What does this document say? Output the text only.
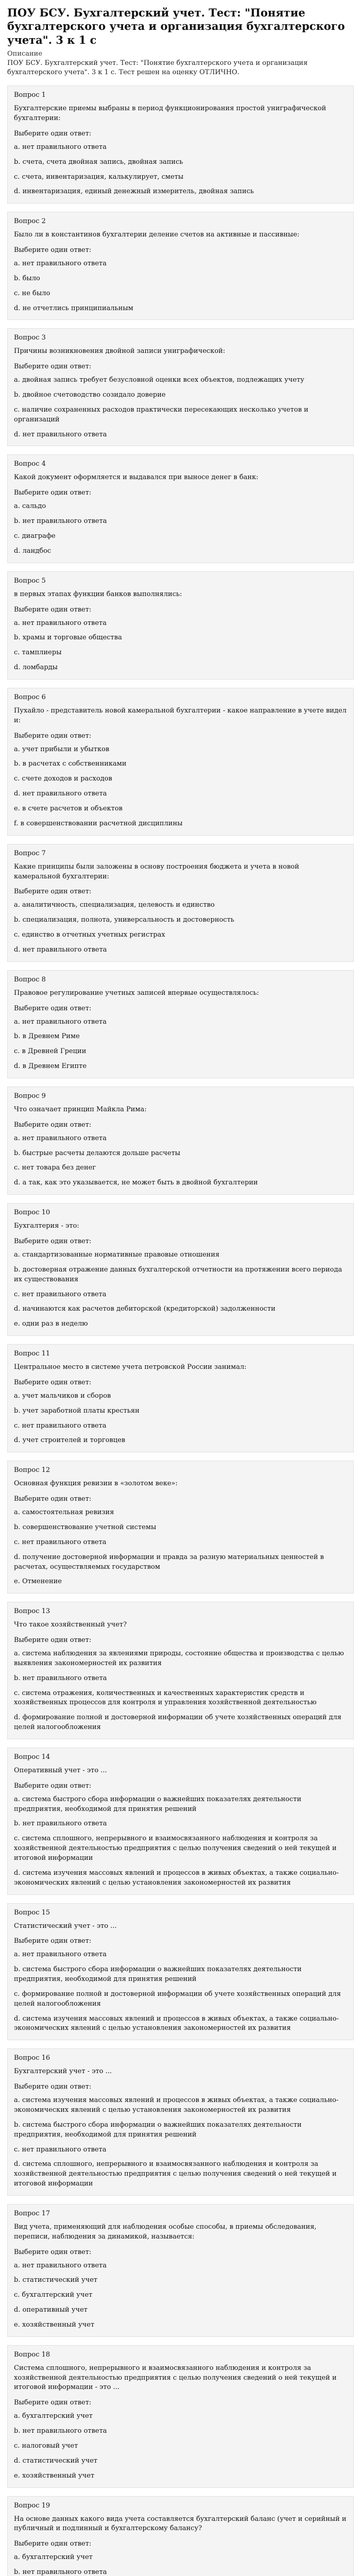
ПОУ БСУ. Бухгалтерский учет. Тест: "Понятие бухгалтерского учета и организация бухгалтерского учета". 3 к 1 с
Описание
ПОУ БСУ. Бухгалтерский учет. Тест: "Понятие бухгалтерского учета и организация бухгалтерского учета". 3 к 1 с. Тест решен на оценку ОТЛИЧНО.
Вопрос 1
Бухгалтерские приемы выбраны в период функционирования простой униграфической бухгалтерии:
Выберите один ответ:
a. нет правильного ответа
b. счета, счета двойная запись, двойная запись
c. счета, инвентаризация, калькулирует, сметы
d. инвентаризация, единый денежный измеритель, двойная запись
Вопрос 2
Было ли в константинов бухгалтерии деление счетов на активные и пассивные:
Выберите один ответ:
a. нет правильного ответа
b. было
c. не было
d. не отчетлись принципиальным
Вопрос 3
Причины возникновения двойной записи униграфической:
Выберите один ответ:
a. двойная запись требует безусловной оценки всех объектов, подлежащих учету
b. двойное счетоводство созидало доверие
c. наличие сохраненных расходов практически пересекающих несколько учетов и организаций
d. нет правильного ответа
Вопрос 4
Какой документ оформляется и выдавался при выносе денег в банк:
Выберите один ответ:
a. сальдо
b. нет правильного ответа
c. диаграфе
d. ландбос
Вопрос 5
в первых этапах функции банков выполнялись:
Выберите один ответ:
a. нет правильного ответа
b. храмы и торговые общества
c. тамплиеры
d. ломбарды
Вопрос 6
Пухайло - представитель новой камеральной бухгалтерии - какое направление в учете видел и:
Выберите один ответ:
a. учет прибыли и убытков
b. в расчетах с собственниками
c. счете доходов и расходов
d. нет правильного ответа
e. в счете расчетов и объектов
f. в совершенствовании расчетной дисциплины
Вопрос 7
Какие принципы были заложены в основу построения бюджета и учета в новой камеральной бухгалтерии:
Выберите один ответ:
a. аналитичность, специализация, целевость и единство
b. специализация, полнота, универсальность и достоверность
c. единство в отчетных учетных регистрах
d. нет правильного ответа
Вопрос 8
Правовое регулирование учетных записей впервые осуществлялось:
Выберите один ответ:
a. нет правильного ответа
b. в Древнем Риме
c. в Древней Греции
d. в Древнем Египте
Вопрос 9
Что означает принцип Майкла Рима:
Выберите один ответ:
a. нет правильного ответа
b. быстрые расчеты делаются дольше расчеты
c. нет товара без денег
d. а так, как это указывается, не может быть в двойной бухгалтерии
Вопрос 10
Бухгалтерия - это:
Выберите один ответ:
a. стандартизованные нормативные правовые отношения
b. достоверная отражение данных бухгалтерской отчетности на протяжении всего периода их существования
c. нет правильного ответа
d. начинаются как расчетов дебиторской (кредиторской) задолженности
e. одни раз в неделю
Вопрос 11
Центральное место в системе учета петровской России занимал:
Выберите один ответ:
a. учет мальчиков и сборов
b. учет заработной платы крестьян
c. нет правильного ответа
d. учет строителей и торговцев
Вопрос 12
Основная функция ревизии в «золотом веке»:
Выберите один ответ:
a. самостоятельная ревизия
b. совершенствование учетной системы
c. нет правильного ответа
d. получение достоверной информации и правда за разную материальных ценностей в расчетах, осуществляемых государством
e. Отменение
Вопрос 13
Что такое хозяйственный учет?
Выберите один ответ:
a. система наблюдения за явлениями природы, состояние общества и производства с целью выявления закономерностей их развития
b. нет правильного ответа
c. система отражения, количественных и качественных характеристик средств и хозяйственных процессов для контроля и управления хозяйственной деятельностью
d. формирование полной и достоверной информации об учете хозяйственных операций для целей налогообложения
Вопрос 14
Оперативный учет - это ...
Выберите один ответ:
a. система быстрого сбора информации о важнейших показателях деятельности предприятия, необходимой для принятия решений
b. нет правильного ответа
c. система сплошного, непрерывного и взаимосвязанного наблюдения и контроля за хозяйственной деятельностью предприятия с целью получения сведений о ней текущей и итоговой информации
d. система изучения массовых явлений и процессов в живых объектах, а также социально-экономических явлений с целью установления закономерностей их развития
Вопрос 15
Статистический учет - это ...
Выберите один ответ:
a. нет правильного ответа
b. система быстрого сбора информации о важнейших показателях деятельности предприятия, необходимой для принятия решений
c. формирование полной и достоверной информации об учете хозяйственных операций для целей налогообложения
d. система изучения массовых явлений и процессов в живых объектах, а также социально-экономических явлений с целью установления закономерностей их развития
Вопрос 16
Бухгалтерский учет - это ...
Выберите один ответ:
a. система изучения массовых явлений и процессов в живых объектах, а также социально-экономических явлений с целью установления закономерностей их развития
b. система быстрого сбора информации о важнейших показателях деятельности предприятия, необходимой для принятия решений
c. нет правильного ответа
d. система сплошного, непрерывного и взаимосвязанного наблюдения и контроля за хозяйственной деятельностью предприятия с целью получения сведений о ней текущей и итоговой информации
Вопрос 17
Вид учета, применяющий для наблюдения особые способы, в приемы обследования, переписи, наблюдения за динамикой, называется:
Выберите один ответ:
a. нет правильного ответа
b. статистический учет
c. бухгалтерский учет
d. оперативный учет
e. хозяйственный учет
Вопрос 18
Система сплошного, непрерывного и взаимосвязанного наблюдения и контроля за хозяйственной деятельностью предприятия с целью получения сведений о ней текущей и итоговой информации - это ...
Выберите один ответ:
a. бухгалтерский учет
b. нет правильного ответа
c. налоговый учет
d. статистический учет
e. хозяйственный учет
Вопрос 19
На основе данных какого вида учета составляется бухгалтерский баланс (учет и серийный и публичный и подлинный и бухгалтерскому балансу?
Выберите один ответ:
a. бухгалтерский учет
b. нет правильного ответа
